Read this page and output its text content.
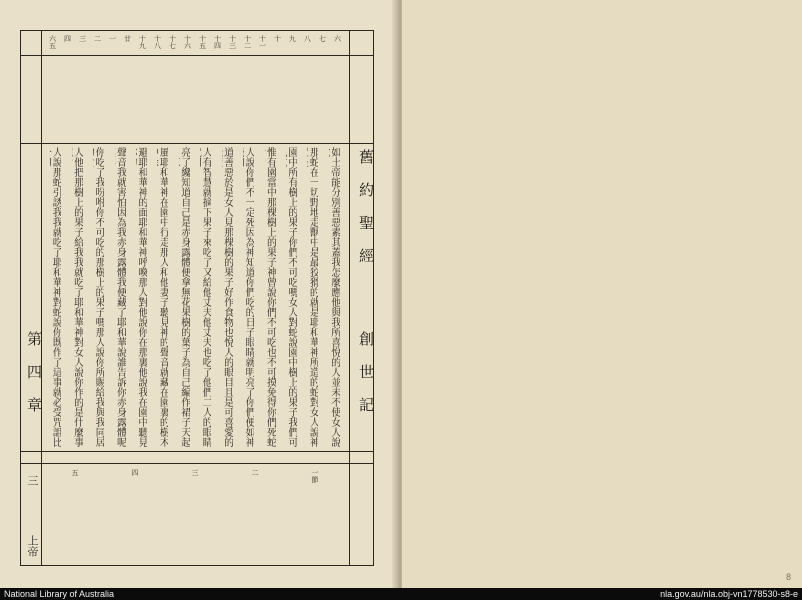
舊約聖經
創世記
第四章
三
上帝
六五 四 三 二 一 廿 十九 十八 十七 十六 十五 十四 十三 十二 十一 十 九 八 七 六
如土帝能分別善惡素其蓋我怎麼應他與我所喜悅的人並未不使女人說
那蛇在一切野地走獸中是最狡猾的就是耶和華神所造的蛇對女人說神
園中所有樹上的果子你們不可吃嗎女人對蛇說園中樹上的果子我們可
惟有園當中那棵樹上的果子神曾說你們不可吃也不可摸免得你們死蛇
人說你們不一定死因為神知道你們吃的日子眼睛就明亮了你們便如神
道善惡於是女人見那棵樹的果子好作食物也悅人的眼目且是可喜愛的
人有智慧就摘下果子來吃了又給他丈夫他丈夫也吃了他們二人的眼睛
亮了纔知道自己是赤身露體便拿無花果樹的葉子為自己編作裙子天起
風耶和華神在園中行走那人和他妻子聽見神的聲音就藏在園裏的樹木
避耶和華神的面耶和華神呼喚那人對他說你在那裏他說我在園中聽見
聲音我就害怕因為我赤身露體我便藏了耶和華說誰告訴你赤身露體呢
你吃了我吩咐你不可吃的那樹上的果子嗎那人說你所賜給我與我同居
人他把那樹上的果子給我我就吃了耶和華神對女人說你作的是什麼事
人說那蛇引誘我我就吃了耶和華神對蛇說你既作了這事就必受咒詛比
一節
二
三
四
五
8
National Library of Australia	nla.gov.au/nla.obj-vn1778530-s8-e
